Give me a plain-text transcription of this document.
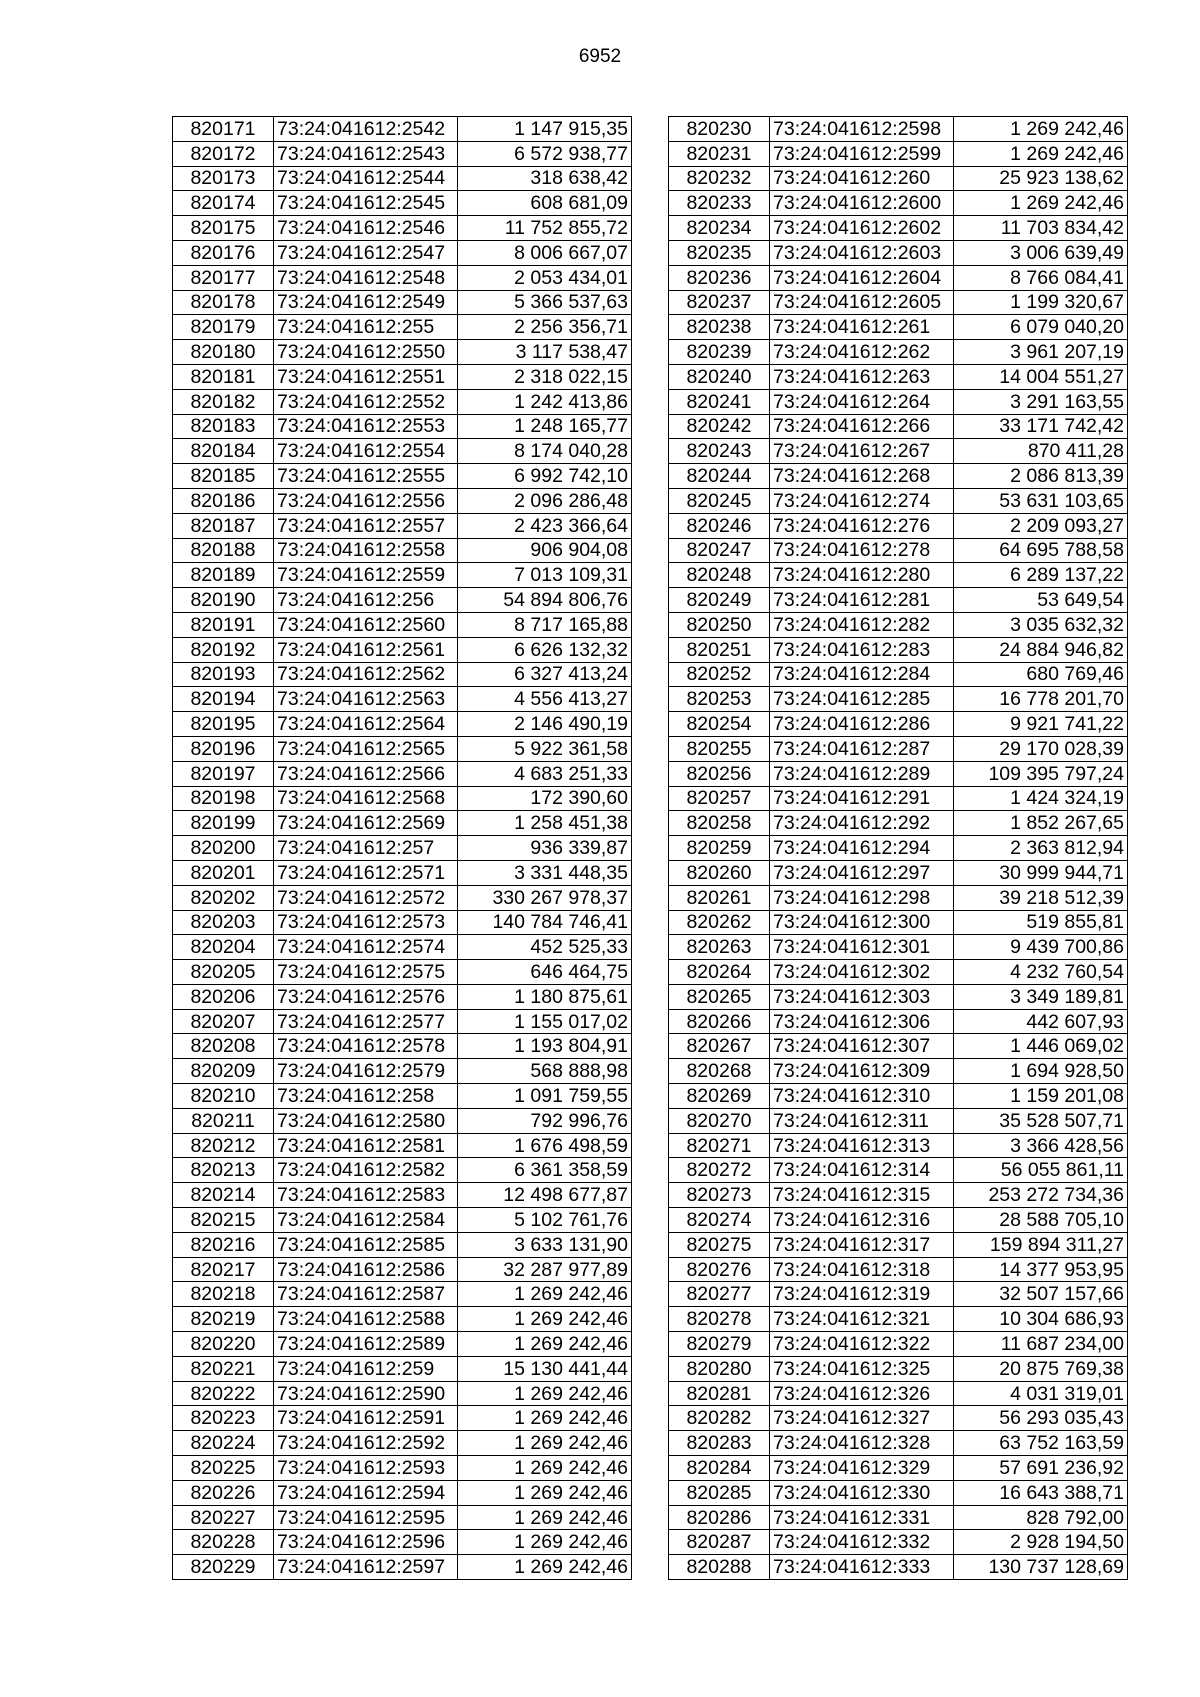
6952
820171	73:24:041612:2542	1 147 915,35
820172	73:24:041612:2543	6 572 938,77
820173	73:24:041612:2544	318 638,42
820174	73:24:041612:2545	608 681,09
820175	73:24:041612:2546	11 752 855,72
820176	73:24:041612:2547	8 006 667,07
820177	73:24:041612:2548	2 053 434,01
820178	73:24:041612:2549	5 366 537,63
820179	73:24:041612:255	2 256 356,71
820180	73:24:041612:2550	3 117 538,47
820181	73:24:041612:2551	2 318 022,15
820182	73:24:041612:2552	1 242 413,86
820183	73:24:041612:2553	1 248 165,77
820184	73:24:041612:2554	8 174 040,28
820185	73:24:041612:2555	6 992 742,10
820186	73:24:041612:2556	2 096 286,48
820187	73:24:041612:2557	2 423 366,64
820188	73:24:041612:2558	906 904,08
820189	73:24:041612:2559	7 013 109,31
820190	73:24:041612:256	54 894 806,76
820191	73:24:041612:2560	8 717 165,88
820192	73:24:041612:2561	6 626 132,32
820193	73:24:041612:2562	6 327 413,24
820194	73:24:041612:2563	4 556 413,27
820195	73:24:041612:2564	2 146 490,19
820196	73:24:041612:2565	5 922 361,58
820197	73:24:041612:2566	4 683 251,33
820198	73:24:041612:2568	172 390,60
820199	73:24:041612:2569	1 258 451,38
820200	73:24:041612:257	936 339,87
820201	73:24:041612:2571	3 331 448,35
820202	73:24:041612:2572	330 267 978,37
820203	73:24:041612:2573	140 784 746,41
820204	73:24:041612:2574	452 525,33
820205	73:24:041612:2575	646 464,75
820206	73:24:041612:2576	1 180 875,61
820207	73:24:041612:2577	1 155 017,02
820208	73:24:041612:2578	1 193 804,91
820209	73:24:041612:2579	568 888,98
820210	73:24:041612:258	1 091 759,55
820211	73:24:041612:2580	792 996,76
820212	73:24:041612:2581	1 676 498,59
820213	73:24:041612:2582	6 361 358,59
820214	73:24:041612:2583	12 498 677,87
820215	73:24:041612:2584	5 102 761,76
820216	73:24:041612:2585	3 633 131,90
820217	73:24:041612:2586	32 287 977,89
820218	73:24:041612:2587	1 269 242,46
820219	73:24:041612:2588	1 269 242,46
820220	73:24:041612:2589	1 269 242,46
820221	73:24:041612:259	15 130 441,44
820222	73:24:041612:2590	1 269 242,46
820223	73:24:041612:2591	1 269 242,46
820224	73:24:041612:2592	1 269 242,46
820225	73:24:041612:2593	1 269 242,46
820226	73:24:041612:2594	1 269 242,46
820227	73:24:041612:2595	1 269 242,46
820228	73:24:041612:2596	1 269 242,46
820229	73:24:041612:2597	1 269 242,46
820230	73:24:041612:2598	1 269 242,46
820231	73:24:041612:2599	1 269 242,46
820232	73:24:041612:260	25 923 138,62
820233	73:24:041612:2600	1 269 242,46
820234	73:24:041612:2602	11 703 834,42
820235	73:24:041612:2603	3 006 639,49
820236	73:24:041612:2604	8 766 084,41
820237	73:24:041612:2605	1 199 320,67
820238	73:24:041612:261	6 079 040,20
820239	73:24:041612:262	3 961 207,19
820240	73:24:041612:263	14 004 551,27
820241	73:24:041612:264	3 291 163,55
820242	73:24:041612:266	33 171 742,42
820243	73:24:041612:267	870 411,28
820244	73:24:041612:268	2 086 813,39
820245	73:24:041612:274	53 631 103,65
820246	73:24:041612:276	2 209 093,27
820247	73:24:041612:278	64 695 788,58
820248	73:24:041612:280	6 289 137,22
820249	73:24:041612:281	53 649,54
820250	73:24:041612:282	3 035 632,32
820251	73:24:041612:283	24 884 946,82
820252	73:24:041612:284	680 769,46
820253	73:24:041612:285	16 778 201,70
820254	73:24:041612:286	9 921 741,22
820255	73:24:041612:287	29 170 028,39
820256	73:24:041612:289	109 395 797,24
820257	73:24:041612:291	1 424 324,19
820258	73:24:041612:292	1 852 267,65
820259	73:24:041612:294	2 363 812,94
820260	73:24:041612:297	30 999 944,71
820261	73:24:041612:298	39 218 512,39
820262	73:24:041612:300	519 855,81
820263	73:24:041612:301	9 439 700,86
820264	73:24:041612:302	4 232 760,54
820265	73:24:041612:303	3 349 189,81
820266	73:24:041612:306	442 607,93
820267	73:24:041612:307	1 446 069,02
820268	73:24:041612:309	1 694 928,50
820269	73:24:041612:310	1 159 201,08
820270	73:24:041612:311	35 528 507,71
820271	73:24:041612:313	3 366 428,56
820272	73:24:041612:314	56 055 861,11
820273	73:24:041612:315	253 272 734,36
820274	73:24:041612:316	28 588 705,10
820275	73:24:041612:317	159 894 311,27
820276	73:24:041612:318	14 377 953,95
820277	73:24:041612:319	32 507 157,66
820278	73:24:041612:321	10 304 686,93
820279	73:24:041612:322	11 687 234,00
820280	73:24:041612:325	20 875 769,38
820281	73:24:041612:326	4 031 319,01
820282	73:24:041612:327	56 293 035,43
820283	73:24:041612:328	63 752 163,59
820284	73:24:041612:329	57 691 236,92
820285	73:24:041612:330	16 643 388,71
820286	73:24:041612:331	828 792,00
820287	73:24:041612:332	2 928 194,50
820288	73:24:041612:333	130 737 128,69
